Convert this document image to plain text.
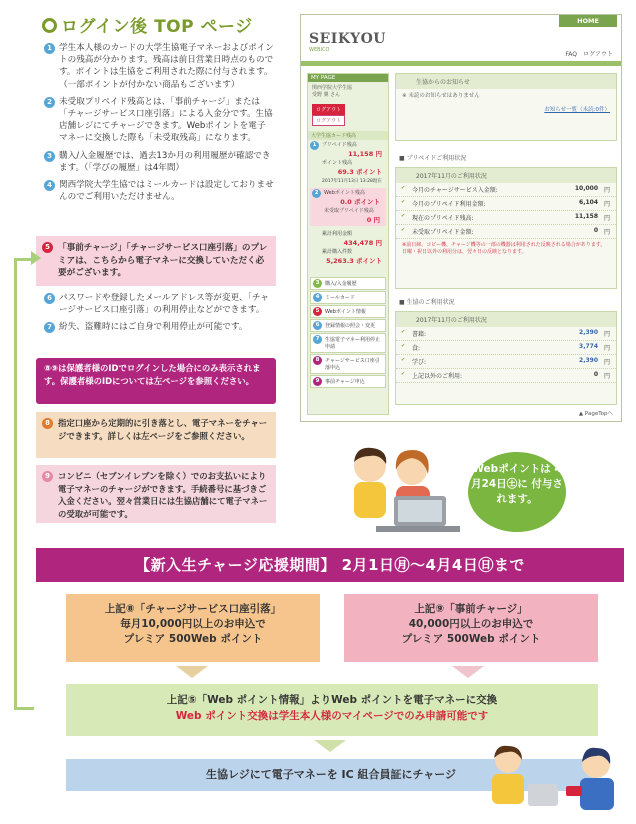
ログイン後 TOP ページ
1 学生本人様のカードの大学生協電子マネーおよびポイントの残高が分かります。残高は前日営業日時点のものです。ポイントは生協をご利用された際に付与されます。（一部ポイントが付かない商品もございます）
2 未受取プリペイド残高とは、「事前チャージ」または「チャージサービス口座引落」による入金分です。生協店舗レジにてチャージできます。Webポイントを電子マネーに交換した際も「未受取残高」になります。
3 購入/入金履歴では、過去13か月の利用履歴が確認できます。（「学びの履歴」は4年間）
4 関西学院大学生協ではミールカードは設定しておりませんのでご利用いただけません。
5 「事前チャージ」「チャージサービス口座引落」のプレミアは、こちらから電子マネーに交換していただく必要がございます。
6 パスワードや登録したメールアドレス等が変更、「チャージサービス口座引落」の利用停止などができます。
7 紛失、盗難時にはご自身で利用停止が可能です。
⑧⑨は保護者様のIDでログインした場合にのみ表示されます。保護者様のIDについては左ページを参照ください。
8 指定口座から定期的に引き落とし、電子マネーをチャージできます。詳しくは左ページをご参照ください。
9 コンビニ（セブンイレブンを除く）でのお支払いにより電子マネーのチャージができます。手続番号に基づきご入金ください。翌々営業日には生協店舗にて電子マネーの受取が可能です。
HOME
SEIKYOU
WEBICO
FAQ　ログアウト
MY PAGE
関西学院大学生協
受野 翼 さん
ログアウト ログアウト
大学生協カード残高
1	プリペイド残高
11,158 円
ポイント残高
69.3 ポイント
2017年11月13日 13:28現在
2	Webポイント残高
0.0 ポイント
未受取プリペイド残高
0 円
累計利用金額
434,478 円
累計購入件数
5,263.3 ポイント
3	購入/入金履歴
4	ミールカード
5	Webポイント情報
6	登録情報の照会・変更
7	生協電子マネー利用停止申請
8	チャージサービス口座引落申込
9	事前チャージ申込
生協からのお知らせ
※ 未読のお知らせはありません
お知らせ一覧（未読:0件）
■ プリペイドご利用状況
2017年11月のご利用状況
✔ 今月のチャージサービス入金額:	10,000 円
✔ 今月のプリペイド利用金額:	6,104 円
✔ 現在のプリペイド残高:	11,158 円
✔ 未受取プリペイド金額:	0 円
※前日締、コピー機、チャージ機等の一部の機器は利用された反映される場合があります。日曜・祝日以外の利用分は、翌々日の反映となります。
■ 生協のご利用状況
2017年11月のご利用状況
✔ 書籍:	2,390 円
✔ 食:	3,774 円
✔ 学び:	2,390 円
✔ 上記以外のご利用:	0 円
▲ PageTopへ
Webポイントは 4月24日㊏に 付与されます。
【新入生チャージ応援期間】 2月1日㊊～4月4日㊐まで
上記⑧「チャージサービス口座引落」
毎月10,000円以上のお申込で
プレミア 500Web ポイント
上記⑨「事前チャージ」
40,000円以上のお申込で
プレミア 500Web ポイント
上記⑤「Web ポイント情報」よりWeb ポイントを電子マネーに交換
Web ポイント交換は学生本人様のマイページでのみ申請可能です
生協レジにて電子マネーを IC 組合員証にチャージ
